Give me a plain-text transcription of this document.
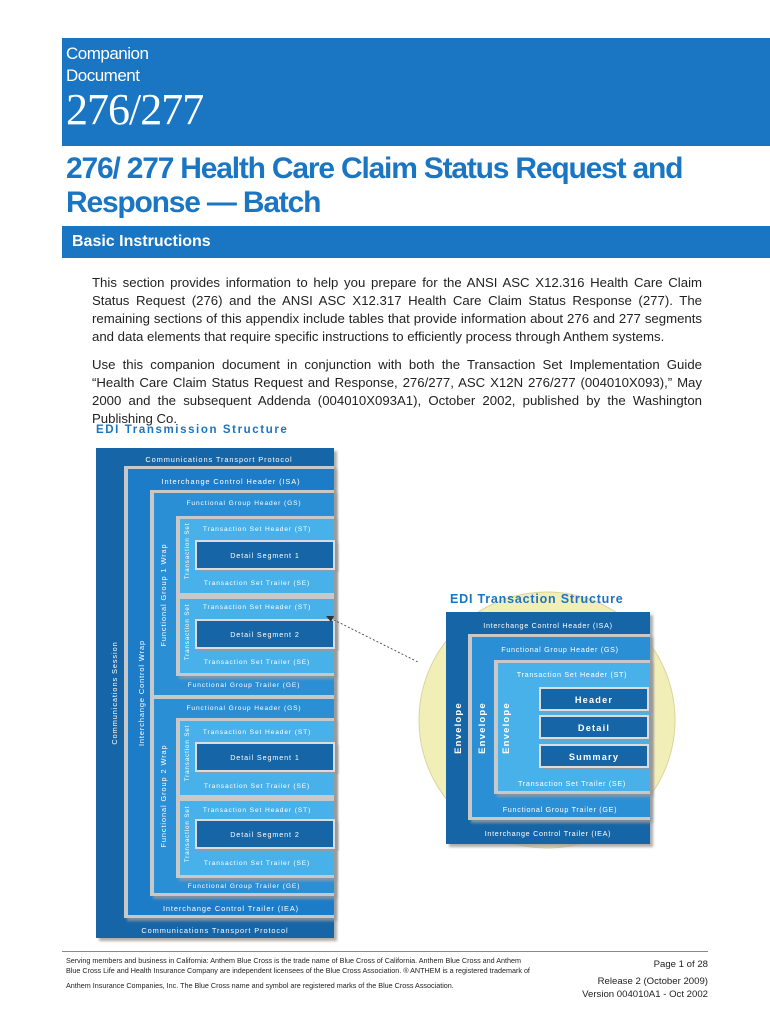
Companion
Document
276/277
276/ 277 Health Care Claim Status Request and
Response — Batch
Basic Instructions

This section provides information to help you prepare for the ANSI ASC X12.316 Health Care Claim Status Request (276) and the ANSI ASC X12.317 Health Care Claim Status Response (277). The remaining sections of this appendix include tables that provide information about 276 and 277 segments and data elements that require specific instructions to efficiently process through Anthem systems.

Use this companion document in conjunction with both the Transaction Set Implementation Guide “Health Care Claim Status Request and Response, 276/277, ASC X12N 276/277 (004010X093),” May 2000 and the subsequent Addenda (004010X093A1), October 2002, published by the Washington Publishing Co.

EDI Transmission Structure
Communications Transport Protocol
Interchange Control Header (ISA)
Functional Group Header (GS)
Transaction Set Header (ST)
Detail Segment 1
Transaction Set Trailer (SE)
Transaction Set Header (ST)
Detail Segment 2
Transaction Set Trailer (SE)
Functional Group Trailer (GE)
Functional Group Header (GS)
Transaction Set Header (ST)
Detail Segment 1
Transaction Set Trailer (SE)
Transaction Set Header (ST)
Detail Segment 2
Transaction Set Trailer (SE)
Functional Group Trailer (GE)
Interchange Control Trailer (IEA)
Communications Transport Protocol
Communications Session Interchange Control Wrap
Functional Group 1 Wrap
Functional Group 2 Wrap
Transaction Set
Transaction Set
Transaction Set
Transaction Set
EDI Transaction Structure
Interchange Control Header (ISA)
Functional Group Header (GS)
Transaction Set Header (ST)
Header
Detail
Summary
Transaction Set Trailer (SE)
Functional Group Trailer (GE)
Interchange Control Trailer (IEA)
Envelope Envelope Envelope
Serving members and business in California: Anthem Blue Cross is the trade name of Blue Cross of California. Anthem Blue Cross and Anthem
Blue Cross Life and Health Insurance Company are independent licensees of the Blue Cross Association. ® ANTHEM is a registered trademark of
Anthem Insurance Companies, Inc. The Blue Cross name and symbol are registered marks of the Blue Cross Association.
Page 1 of 28
Release 2 (October 2009)
Version 004010A1 - Oct 2002
